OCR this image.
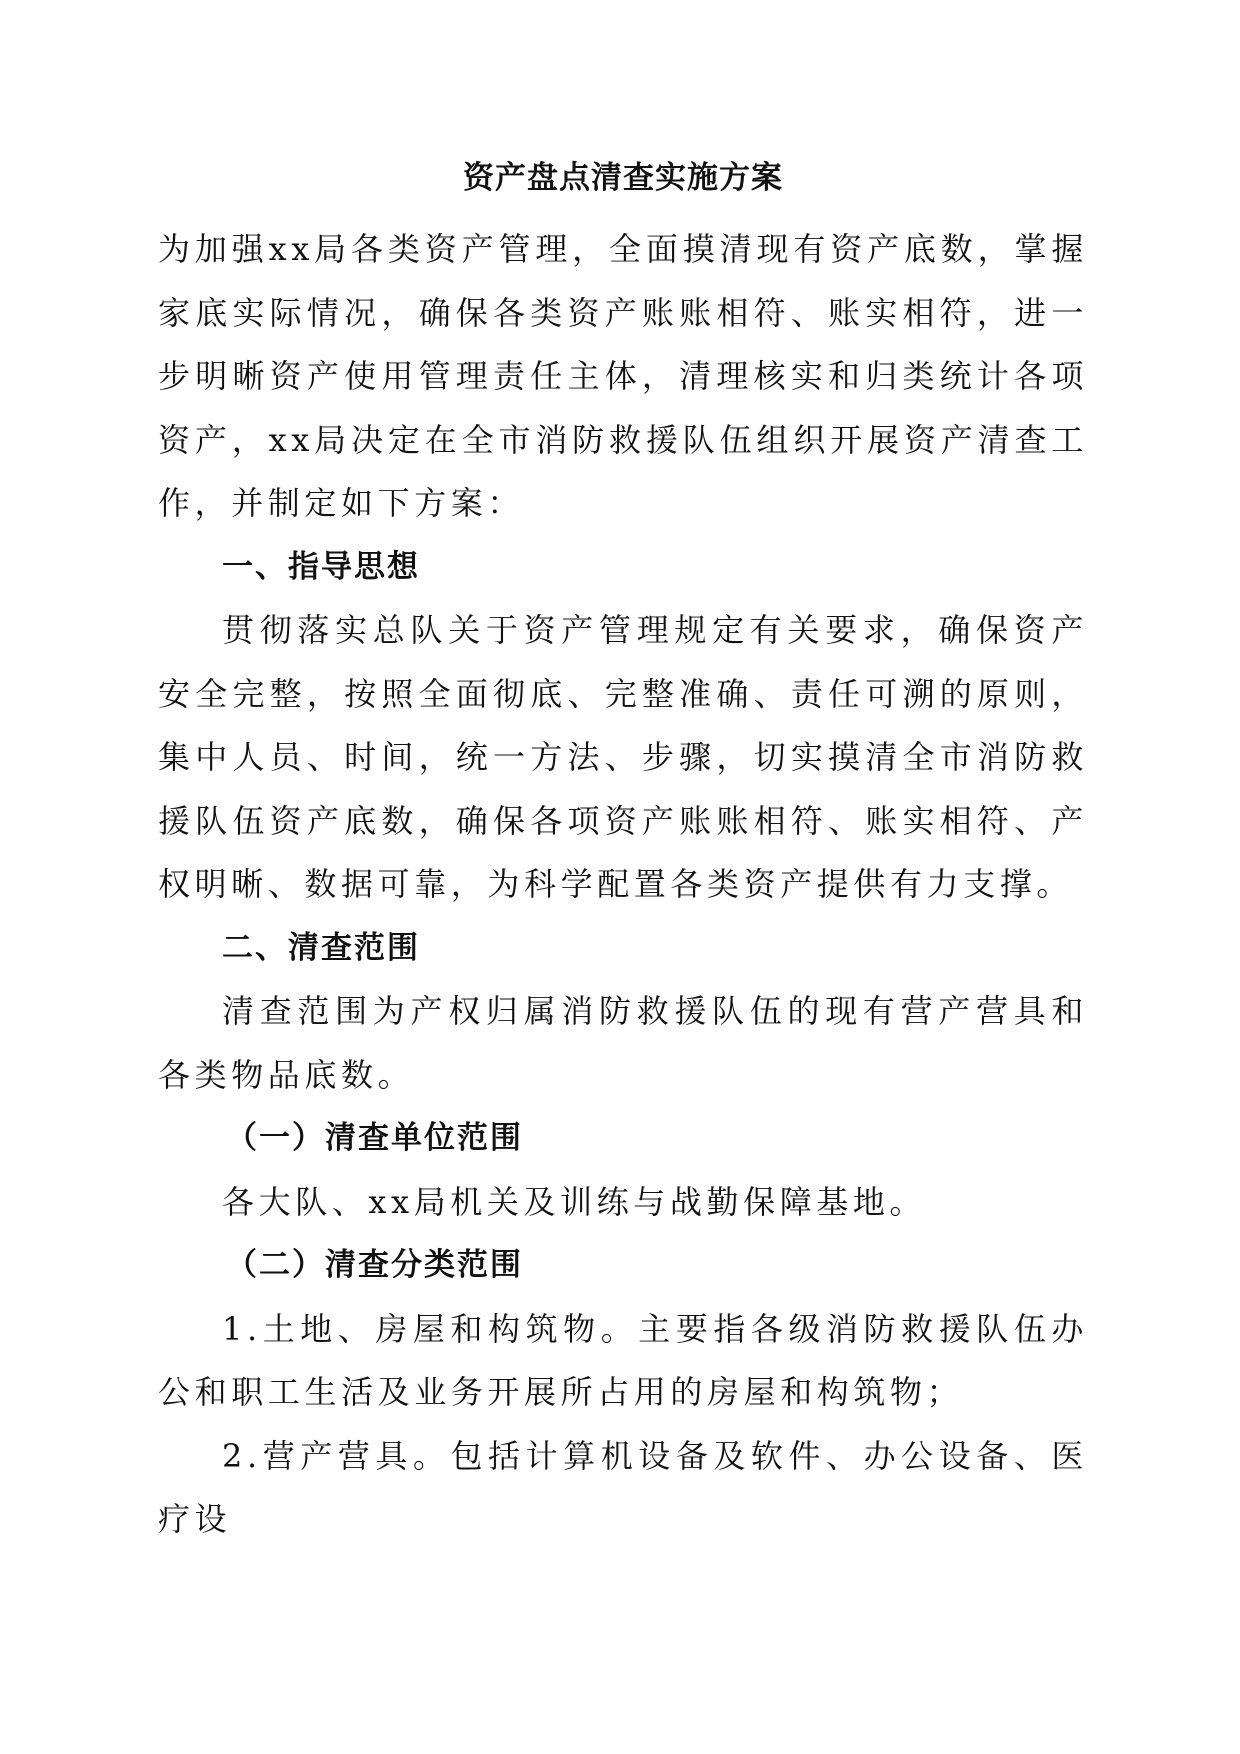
资产盘点清查实施方案

为加强xx局各类资产管理，全面摸清现有资产底数，掌握家底实际情况，确保各类资产账账相符、账实相符，进一步明晰资产使用管理责任主体，清理核实和归类统计各项资产，xx局决定在全市消防救援队伍组织开展资产清查工作，并制定如下方案：

一、指导思想

贯彻落实总队关于资产管理规定有关要求，确保资产安全完整，按照全面彻底、完整准确、责任可溯的原则，集中人员、时间，统一方法、步骤，切实摸清全市消防救援队伍资产底数，确保各项资产账账相符、账实相符、产权明晰、数据可靠，为科学配置各类资产提供有力支撑。

二、清查范围

清查范围为产权归属消防救援队伍的现有营产营具和各类物品底数。

（一）清查单位范围

各大队、xx局机关及训练与战勤保障基地。

（二）清查分类范围

1.土地、房屋和构筑物。主要指各级消防救援队伍办公和职工生活及业务开展所占用的房屋和构筑物；

2.营产营具。包括计算机设备及软件、办公设备、医疗设
